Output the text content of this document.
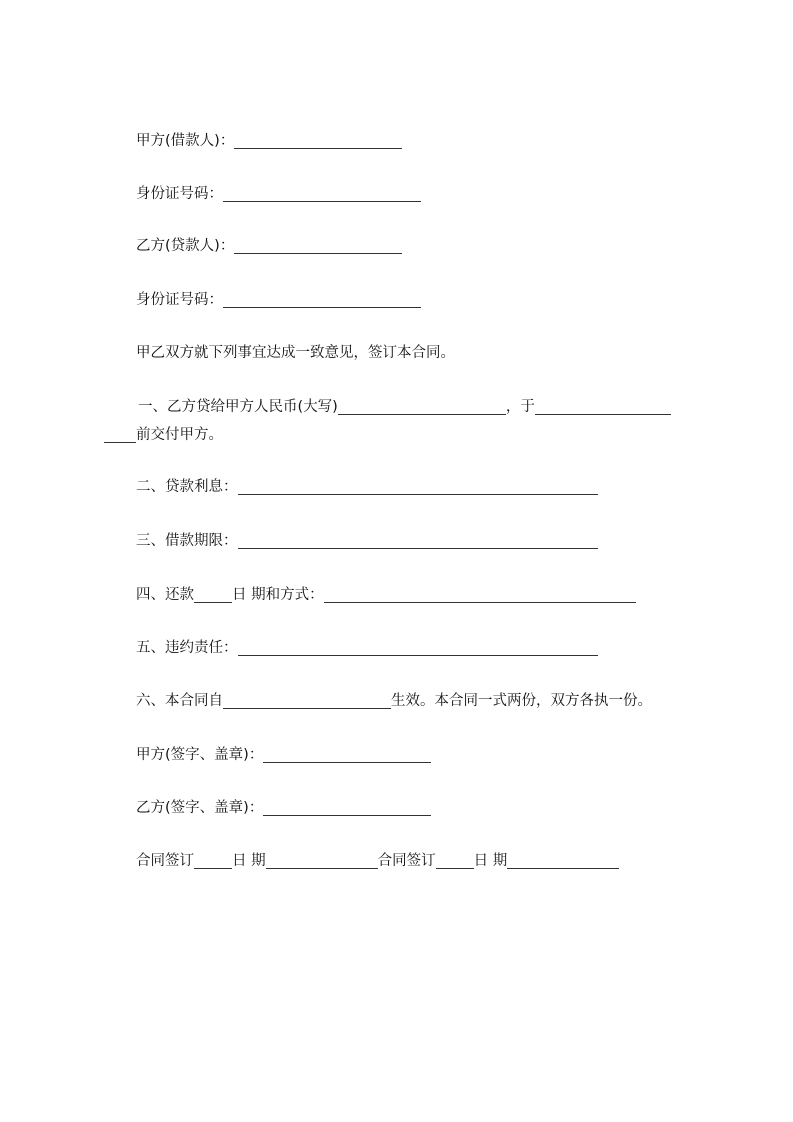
甲方(借款人)：
身份证号码：
乙方(贷款人)：
身份证号码：
甲乙双方就下列事宜达成一致意见，签订本合同。
一、乙方贷给甲方人民币(大写)	，于
前交付甲方。
二、贷款利息：
三、借款期限：
四、还款	日 期和方式：
五、违约责任：
六、本合同自	生效。本合同一式两份，双方各执一份。
甲方(签字、盖章)：
乙方(签字、盖章)：
合同签订	日 期	合同签订	日 期
